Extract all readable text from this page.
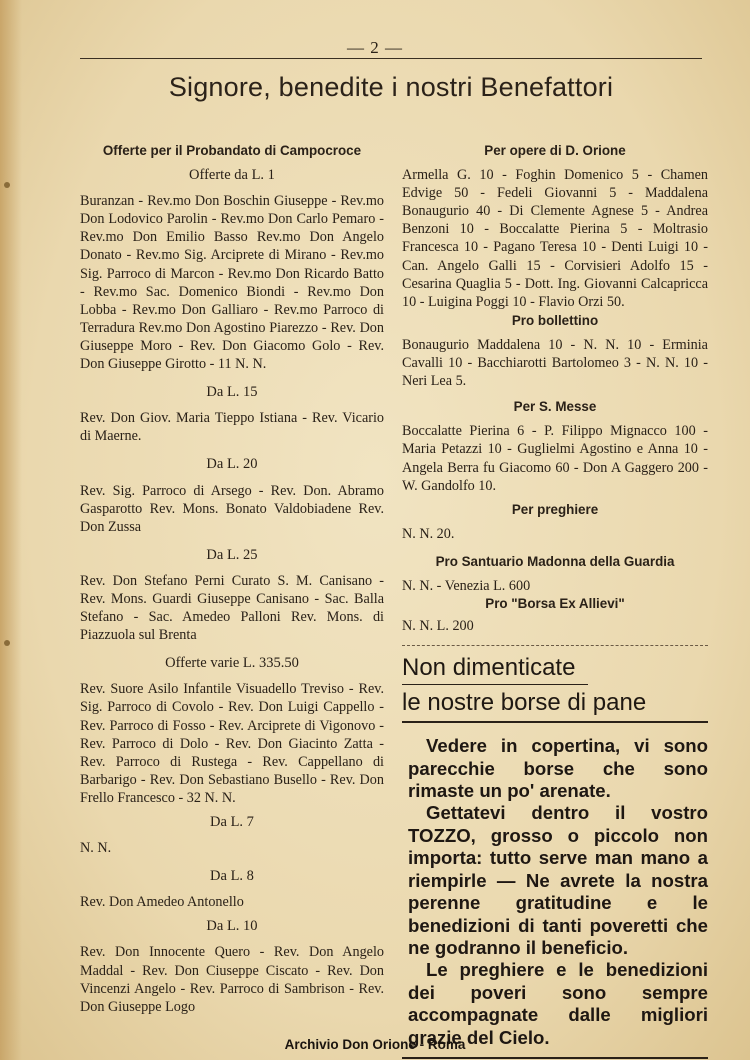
— 2 —
Signore, benedite i nostri Benefattori
Offerte per il Probandato di Campocroce
Offerte da L. 1

Buranzan - Rev.mo Don Boschin Giuseppe - Rev.mo Don Lodovico Parolin - Rev.mo Don Carlo Pemaro - Rev.mo Don Emilio Basso Rev.mo Don Angelo Donato - Rev.mo Sig. Arciprete di Mirano - Rev.mo Sig. Parroco di Marcon - Rev.mo Don Ricardo Batto - Rev.mo Sac. Domenico Biondi - Rev.mo Don Lobba - Rev.mo Don Galliaro - Rev.mo Parroco di Terradura Rev.mo Don Agostino Piarezzo - Rev. Don Giuseppe Moro - Rev. Don Giacomo Golo - Rev. Don Giuseppe Girotto - 11 N. N.

Da L. 15

Rev. Don Giov. Maria Tieppo Istiana - Rev. Vicario di Maerne.

Da L. 20

Rev. Sig. Parroco di Arsego - Rev. Don. Abramo Gasparotto Rev. Mons. Bonato Valdobiadene Rev. Don Zussa

Da L. 25

Rev. Don Stefano Perni Curato S. M. Canisano - Rev. Mons. Guardi Giuseppe Canisano - Sac. Balla Stefano - Sac. Amedeo Palloni Rev. Mons. di Piazzuola sul Brenta

Offerte varie L. 335.50

Rev. Suore Asilo Infantile Visuadello Treviso - Rev. Sig. Parroco di Covolo - Rev. Don Luigi Cappello - Rev. Parroco di Fosso - Rev. Arciprete di Vigonovo - Rev. Parroco di Dolo - Rev. Don Giacinto Zatta - Rev. Parroco di Rustega - Rev. Cappellano di Barbarigo - Rev. Don Sebastiano Busello - Rev. Don Frello Francesco - 32 N. N.

Da L. 7

N. N.

Da L. 8

Rev. Don Amedeo Antonello

Da L. 10

Rev. Don Innocente Quero - Rev. Don Angelo Maddal - Rev. Don Ciuseppe Ciscato - Rev. Don Vincenzi Angelo - Rev. Parroco di Sambrison - Rev. Don Giuseppe Logo

Per opere di D. Orione

Armella G. 10 - Foghin Domenico 5 - Chamen Edvige 50 - Fedeli Giovanni 5 - Maddalena Bonaugurio 40 - Di Clemente Agnese 5 - Andrea Benzoni 10 - Boccalatte Pierina 5 - Moltrasio Francesca 10 - Pagano Teresa 10 - Denti Luigi 10 - Can. Angelo Galli 15 - Corvisieri Adolfo 15 - Cesarina Quaglia 5 - Dott. Ing. Giovanni Calcapricca 10 - Luigina Poggi 10 - Flavio Orzi 50.

Pro bollettino

Bonaugurio Maddalena 10 - N. N. 10 - Erminia Cavalli 10 - Bacchiarotti Bartolomeo 3 - N. N. 10 - Neri Lea 5.

Per S. Messe

Boccalatte Pierina 6 - P. Filippo Mignacco 100 - Maria Petazzi 10 - Guglielmi Agostino e Anna 10 - Angela Berra fu Giacomo 60 - Don A Gaggero 200 - W. Gandolfo 10.

Per preghiere

N. N. 20.

Pro Santuario Madonna della Guardia

N. N. - Venezia L. 600

Pro "Borsa Ex Allievi"

N. N. L. 200

Non dimenticate
le nostre borse di pane

Vedere in copertina, vi sono parecchie borse che sono rimaste un po' arenate.

Gettatevi dentro il vostro TOZZO, grosso o piccolo non importa: tutto serve man mano a riempirle — Ne avrete la nostra perenne gratitudine e le benedizioni di tanti poveretti che ne godranno il beneficio.

Le preghiere e le benedizioni dei poveri sono sempre accompagnate dalle migliori grazie del Cielo.

Archivio Don Orione - Roma
